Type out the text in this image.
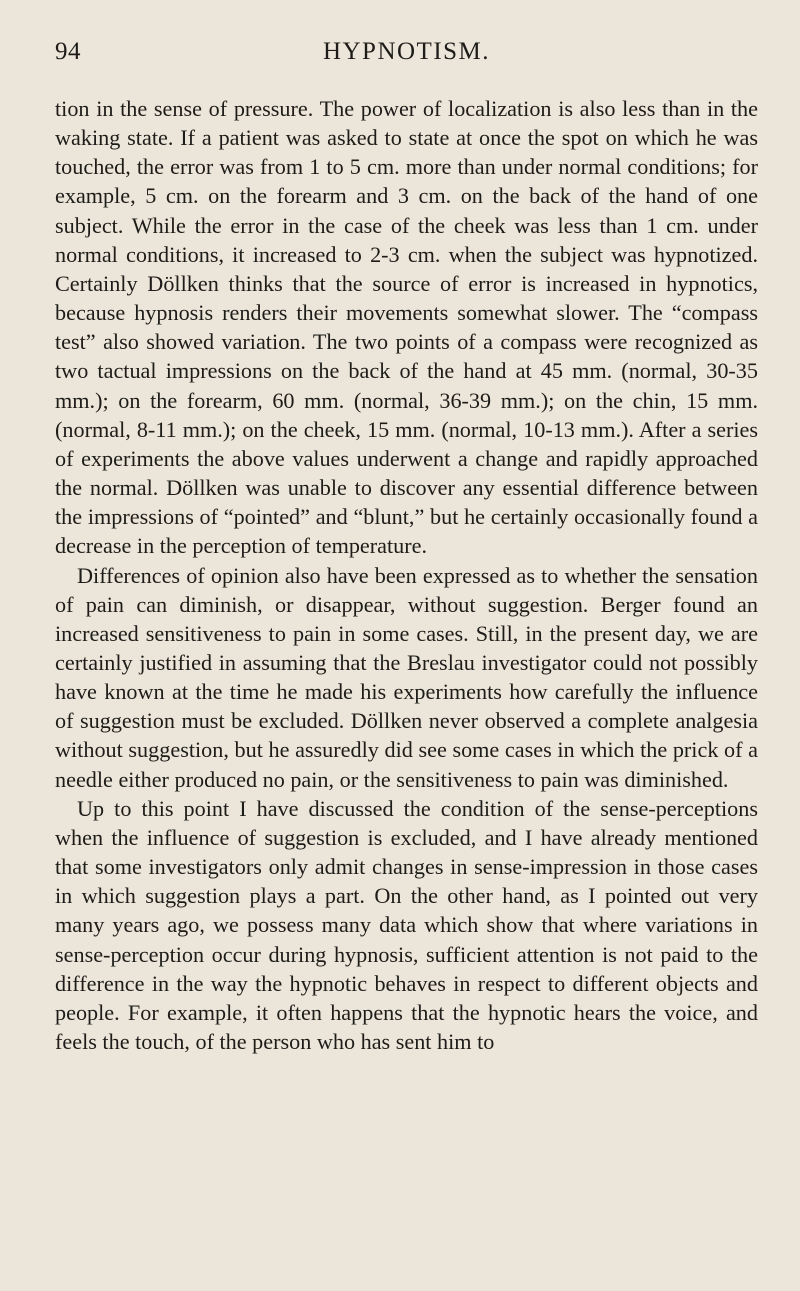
94	HYPNOTISM.

tion in the sense of pressure. The power of localization is also less than in the waking state. If a patient was asked to state at once the spot on which he was touched, the error was from 1 to 5 cm. more than under normal conditions; for example, 5 cm. on the forearm and 3 cm. on the back of the hand of one subject. While the error in the case of the cheek was less than 1 cm. under normal conditions, it increased to 2-3 cm. when the subject was hypnotized. Certainly Döllken thinks that the source of error is increased in hypnotics, because hypnosis renders their movements somewhat slower. The “compass test” also showed variation. The two points of a compass were recognized as two tactual impressions on the back of the hand at 45 mm. (normal, 30-35 mm.); on the forearm, 60 mm. (normal, 36-39 mm.); on the chin, 15 mm. (normal, 8-11 mm.); on the cheek, 15 mm. (normal, 10-13 mm.). After a series of experiments the above values underwent a change and rapidly approached the normal. Döllken was unable to discover any essential difference between the impressions of “pointed” and “blunt,” but he certainly occasionally found a decrease in the perception of temperature.

Differences of opinion also have been expressed as to whether the sensation of pain can diminish, or disappear, without suggestion. Berger found an increased sensitiveness to pain in some cases. Still, in the present day, we are certainly justified in assuming that the Breslau investigator could not possibly have known at the time he made his experiments how carefully the influence of suggestion must be excluded. Döllken never observed a complete analgesia without suggestion, but he assuredly did see some cases in which the prick of a needle either produced no pain, or the sensitiveness to pain was diminished.

Up to this point I have discussed the condition of the sense-perceptions when the influence of suggestion is excluded, and I have already mentioned that some investigators only admit changes in sense-impression in those cases in which suggestion plays a part. On the other hand, as I pointed out very many years ago, we possess many data which show that where variations in sense-perception occur during hypnosis, sufficient attention is not paid to the difference in the way the hypnotic behaves in respect to different objects and people. For example, it often happens that the hypnotic hears the voice, and feels the touch, of the person who has sent him to
